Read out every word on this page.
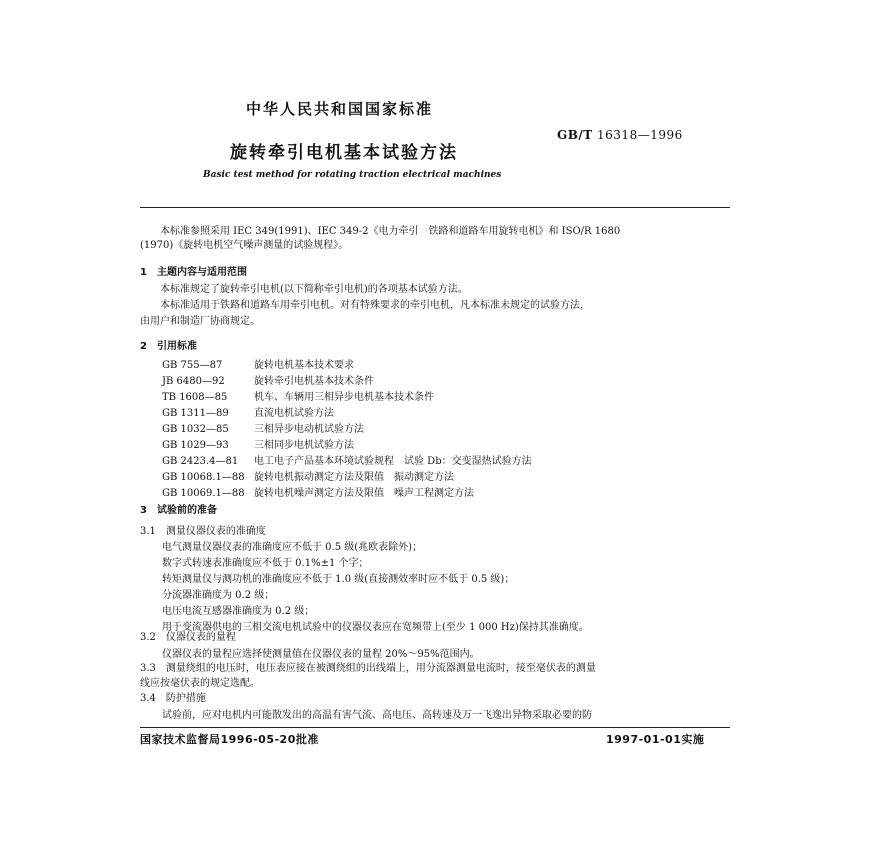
中华人民共和国国家标准
GB/T 16318—1996
旋转牵引电机基本试验方法
Basic test method for rotating traction electrical machines
本标准参照采用 IEC 349(1991)、IEC 349-2《电力牵引　铁路和道路车用旋转电机》和 ISO/R 1680
(1970)《旋转电机空气噪声测量的试验规程》。
1　主题内容与适用范围
本标准规定了旋转牵引电机(以下简称牵引电机)的各项基本试验方法。
本标准适用于铁路和道路车用牵引电机。对有特殊要求的牵引电机，凡本标准未规定的试验方法，
由用户和制造厂协商规定。
2　引用标准
GB 755—87	旋转电机基本技术要求
JB 6480—92	旋转牵引电机基本技术条件
TB 1608—85	机车、车辆用三相异步电机基本技术条件
GB 1311—89	直流电机试验方法
GB 1032—85	三相异步电动机试验方法
GB 1029—93	三相同步电机试验方法
GB 2423.4—81 电工电子产品基本环境试验规程　试验 Db：交变湿热试验方法
GB 10068.1—88 旋转电机振动测定方法及限值　振动测定方法
GB 10069.1—88 旋转电机噪声测定方法及限值　噪声工程测定方法
3　试验前的准备
3.1　测量仪器仪表的准确度
电气测量仪器仪表的准确度应不低于 0.5 级(兆欧表除外)；
数字式转速表准确度应不低于 0.1%±1 个字；
转矩测量仪与测功机的准确度应不低于 1.0 级(直接测效率时应不低于 0.5 级)；
分流器准确度为 0.2 级；
电压电流互感器准确度为 0.2 级；
用于变流器供电的三相交流电机试验中的仪器仪表应在宽频带上(至少 1 000 Hz)保持其准确度。
3.2　仪器仪表的量程
仪器仪表的量程应选择使测量值在仪器仪表的量程 20%～95%范围内。
3.3　测量绕组的电压时，电压表应接在被测绕组的出线端上，用分流器测量电流时，接至毫伏表的测量
线应按毫伏表的规定选配。
3.4　防护措施
试验前，应对电机内可能散发出的高温有害气流、高电压、高转速及万一飞逸出异物采取必要的防
国家技术监督局1996-05-20批准	1997-01-01实施
